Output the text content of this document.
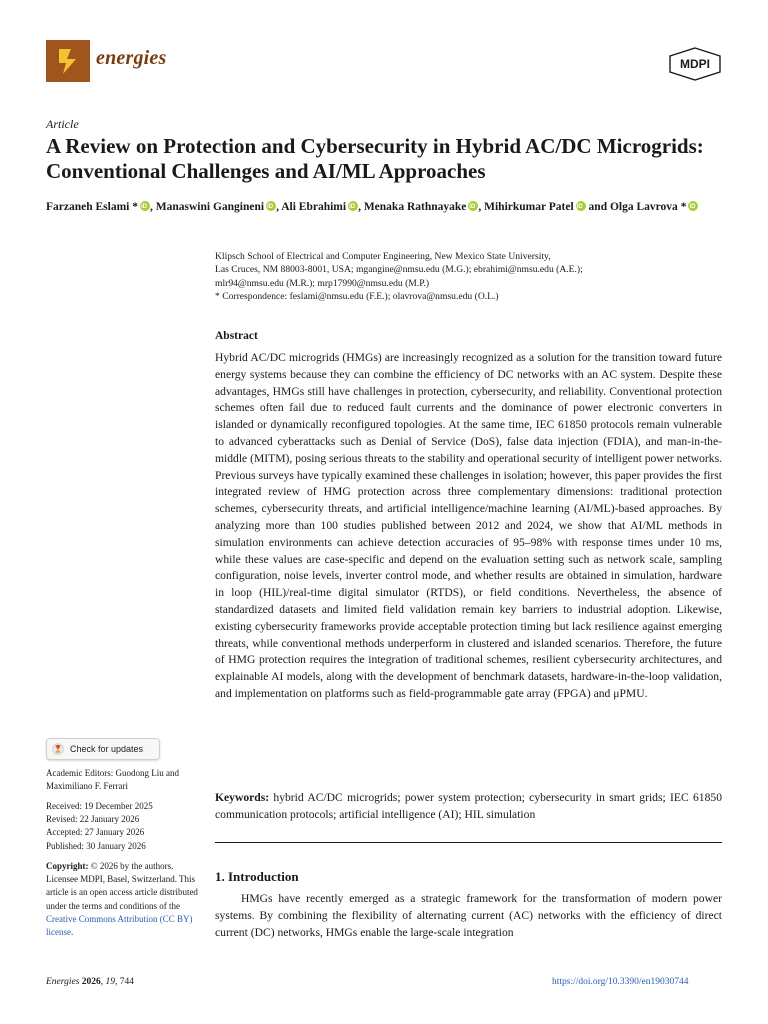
energies	MDPI
Article
A Review on Protection and Cybersecurity in Hybrid AC/DC Microgrids: Conventional Challenges and AI/ML Approaches

Farzaneh Eslami * iD , Manaswini Gangineni iD , Ali Ebrahimi iD , Menaka Rathnayake iD , Mihirkumar Patel iD and Olga Lavrova *iD

Klipsch School of Electrical and Computer Engineering, New Mexico State University,
Las Cruces, NM 88003-8001, USA; mgangine@nmsu.edu (M.G.); ebrahimi@nmsu.edu (A.E.);
mlr94@nmsu.edu (M.R.); mrp17990@nmsu.edu (M.P.)
* Correspondence: feslami@nmsu.edu (F.E.); olavrova@nmsu.edu (O.L.)

Abstract

Hybrid AC/DC microgrids (HMGs) are increasingly recognized as a solution for the transition toward future energy systems because they can combine the efficiency of DC networks with an AC system. Despite these advantages, HMGs still have challenges in protection, cybersecurity, and reliability. Conventional protection schemes often fail due to reduced fault currents and the dominance of power electronic converters in islanded or dynamically reconfigured topologies. At the same time, IEC 61850 protocols remain vulnerable to advanced cyberattacks such as Denial of Service (DoS), false data injection (FDIA), and man-in-the-middle (MITM), posing serious threats to the stability and operational security of intelligent power networks. Previous surveys have typically examined these challenges in isolation; however, this paper provides the first integrated review of HMG protection across three complementary dimensions: traditional protection schemes, cybersecurity threats, and artificial intelligence/machine learning (AI/ML)-based approaches. By analyzing more than 100 studies published between 2012 and 2024, we show that AI/ML methods in simulation environments can achieve detection accuracies of 95–98% with response times under 10 ms, while these values are case-specific and depend on the evaluation setting such as network scale, sampling configuration, noise levels, inverter control mode, and whether results are obtained in simulation, hardware in loop (HIL)/real-time digital simulator (RTDS), or field conditions. Nevertheless, the absence of standardized datasets and limited field validation remain key barriers to industrial adoption. Likewise, existing cybersecurity frameworks provide acceptable protection timing but lack resilience against emerging threats, while conventional methods underperform in clustered and islanded scenarios. Therefore, the future of HMG protection requires the integration of traditional schemes, resilient cybersecurity architectures, and explainable AI models, along with the development of benchmark datasets, hardware-in-the-loop validation, and implementation on platforms such as field-programmable gate array (FPGA) and μPMU.

Keywords: hybrid AC/DC microgrids; power system protection; cybersecurity in smart grids; IEC 61850 communication protocols; artificial intelligence (AI); HIL simulation

1. Introduction

HMGs have recently emerged as a strategic framework for the transformation of modern power systems. By combining the flexibility of alternating current (AC) networks with the efficiency of direct current (DC) networks, HMGs enable the large-scale integration

Check for updates

Academic Editors: Guodong Liu and Maximiliano F. Ferrari

Received: 19 December 2025
Revised: 22 January 2026
Accepted: 27 January 2026
Published: 30 January 2026

Copyright: © 2026 by the authors. Licensee MDPI, Basel, Switzerland. This article is an open access article distributed under the terms and conditions of the Creative Commons Attribution (CC BY) license.

Energies 2026, 19, 744	https://doi.org/10.3390/en19030744
